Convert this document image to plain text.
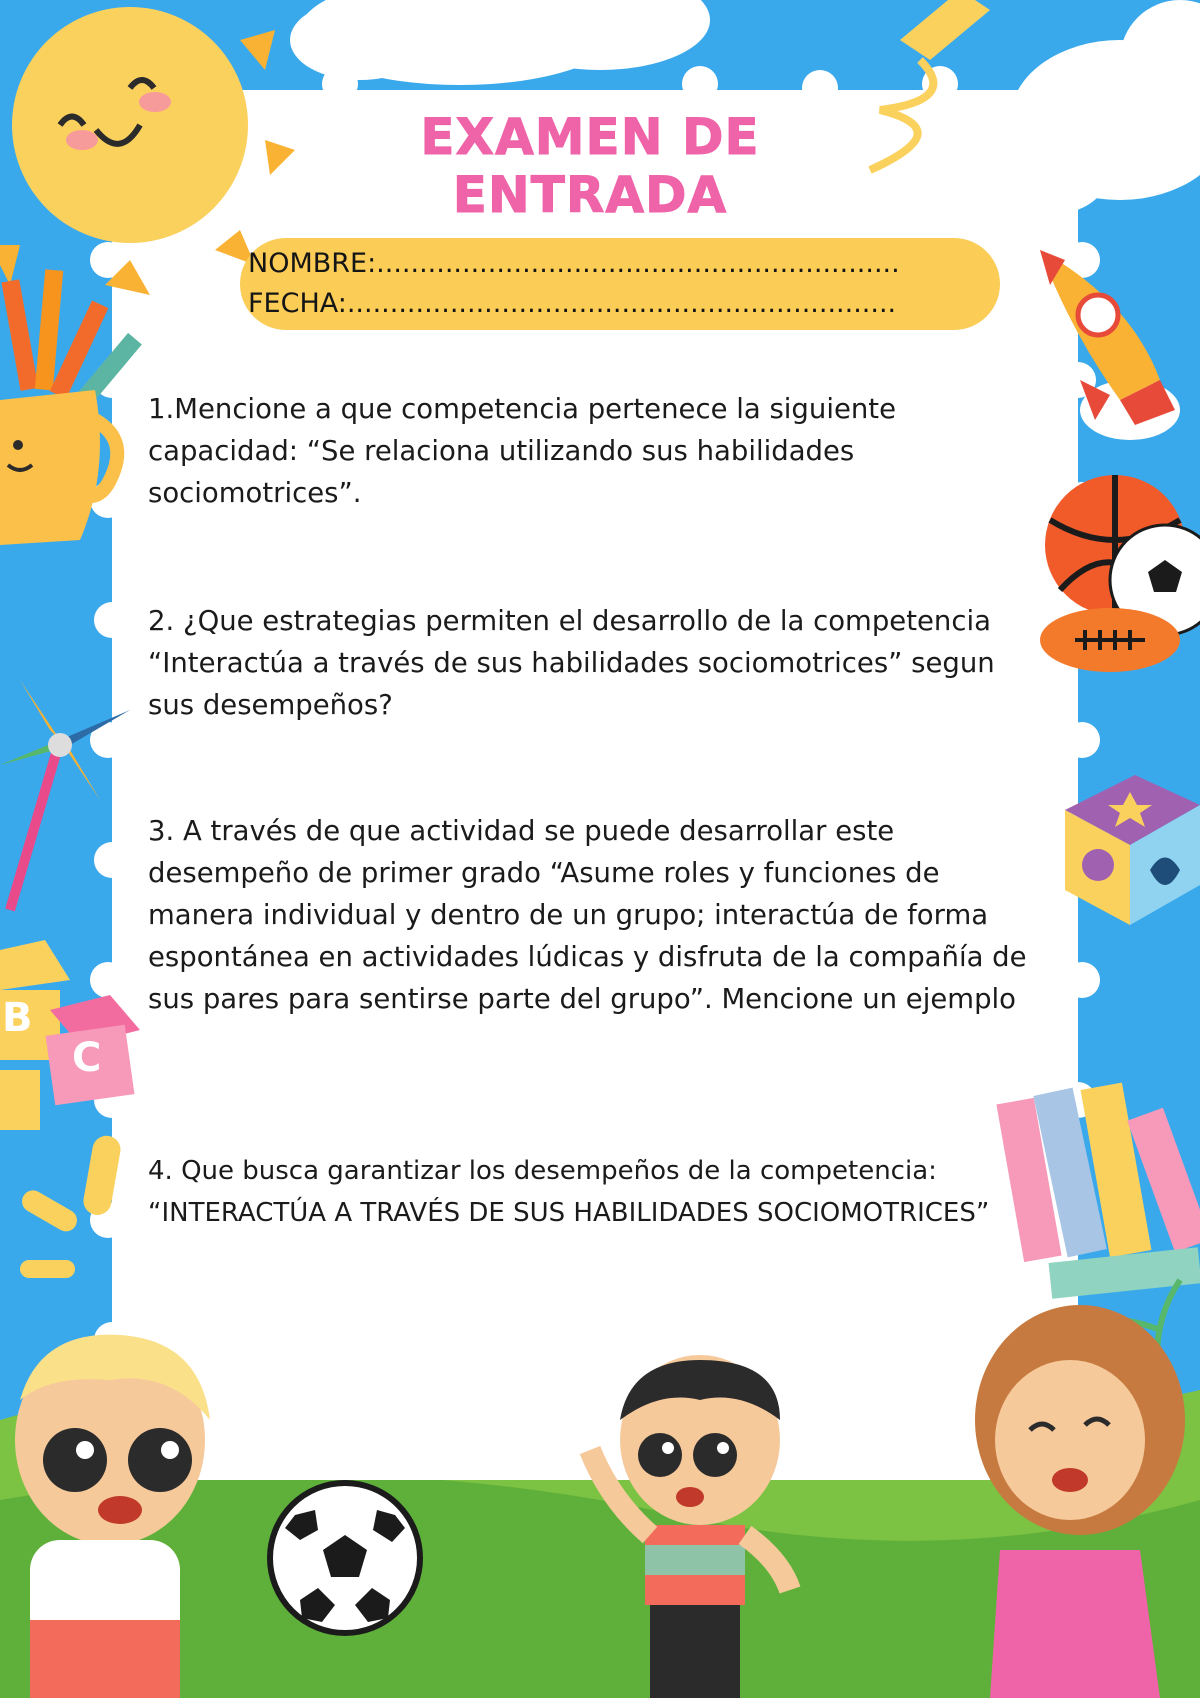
EXAMEN DE ENTRADA
NOMBRE:.............................................................
FECHA:................................................................

1.Mencione a que competencia pertenece la siguiente capacidad: “Se relaciona utilizando sus habilidades sociomotrices”.

2. ¿Que estrategias permiten el desarrollo de la competencia “Interactúa a través de sus habilidades sociomotrices” segun sus desempeños?

3. A través de que actividad se puede desarrollar este desempeño de primer grado “Asume roles y funciones de manera individual y dentro de un grupo; interactúa de forma espontánea en actividades lúdicas y disfruta de la compañía de sus pares para sentirse parte del grupo”. Mencione un ejemplo

4. Que busca garantizar los desempeños de la competencia: “INTERACTÚA A TRAVÉS DE SUS HABILIDADES SOCIOMOTRICES”

B
C
